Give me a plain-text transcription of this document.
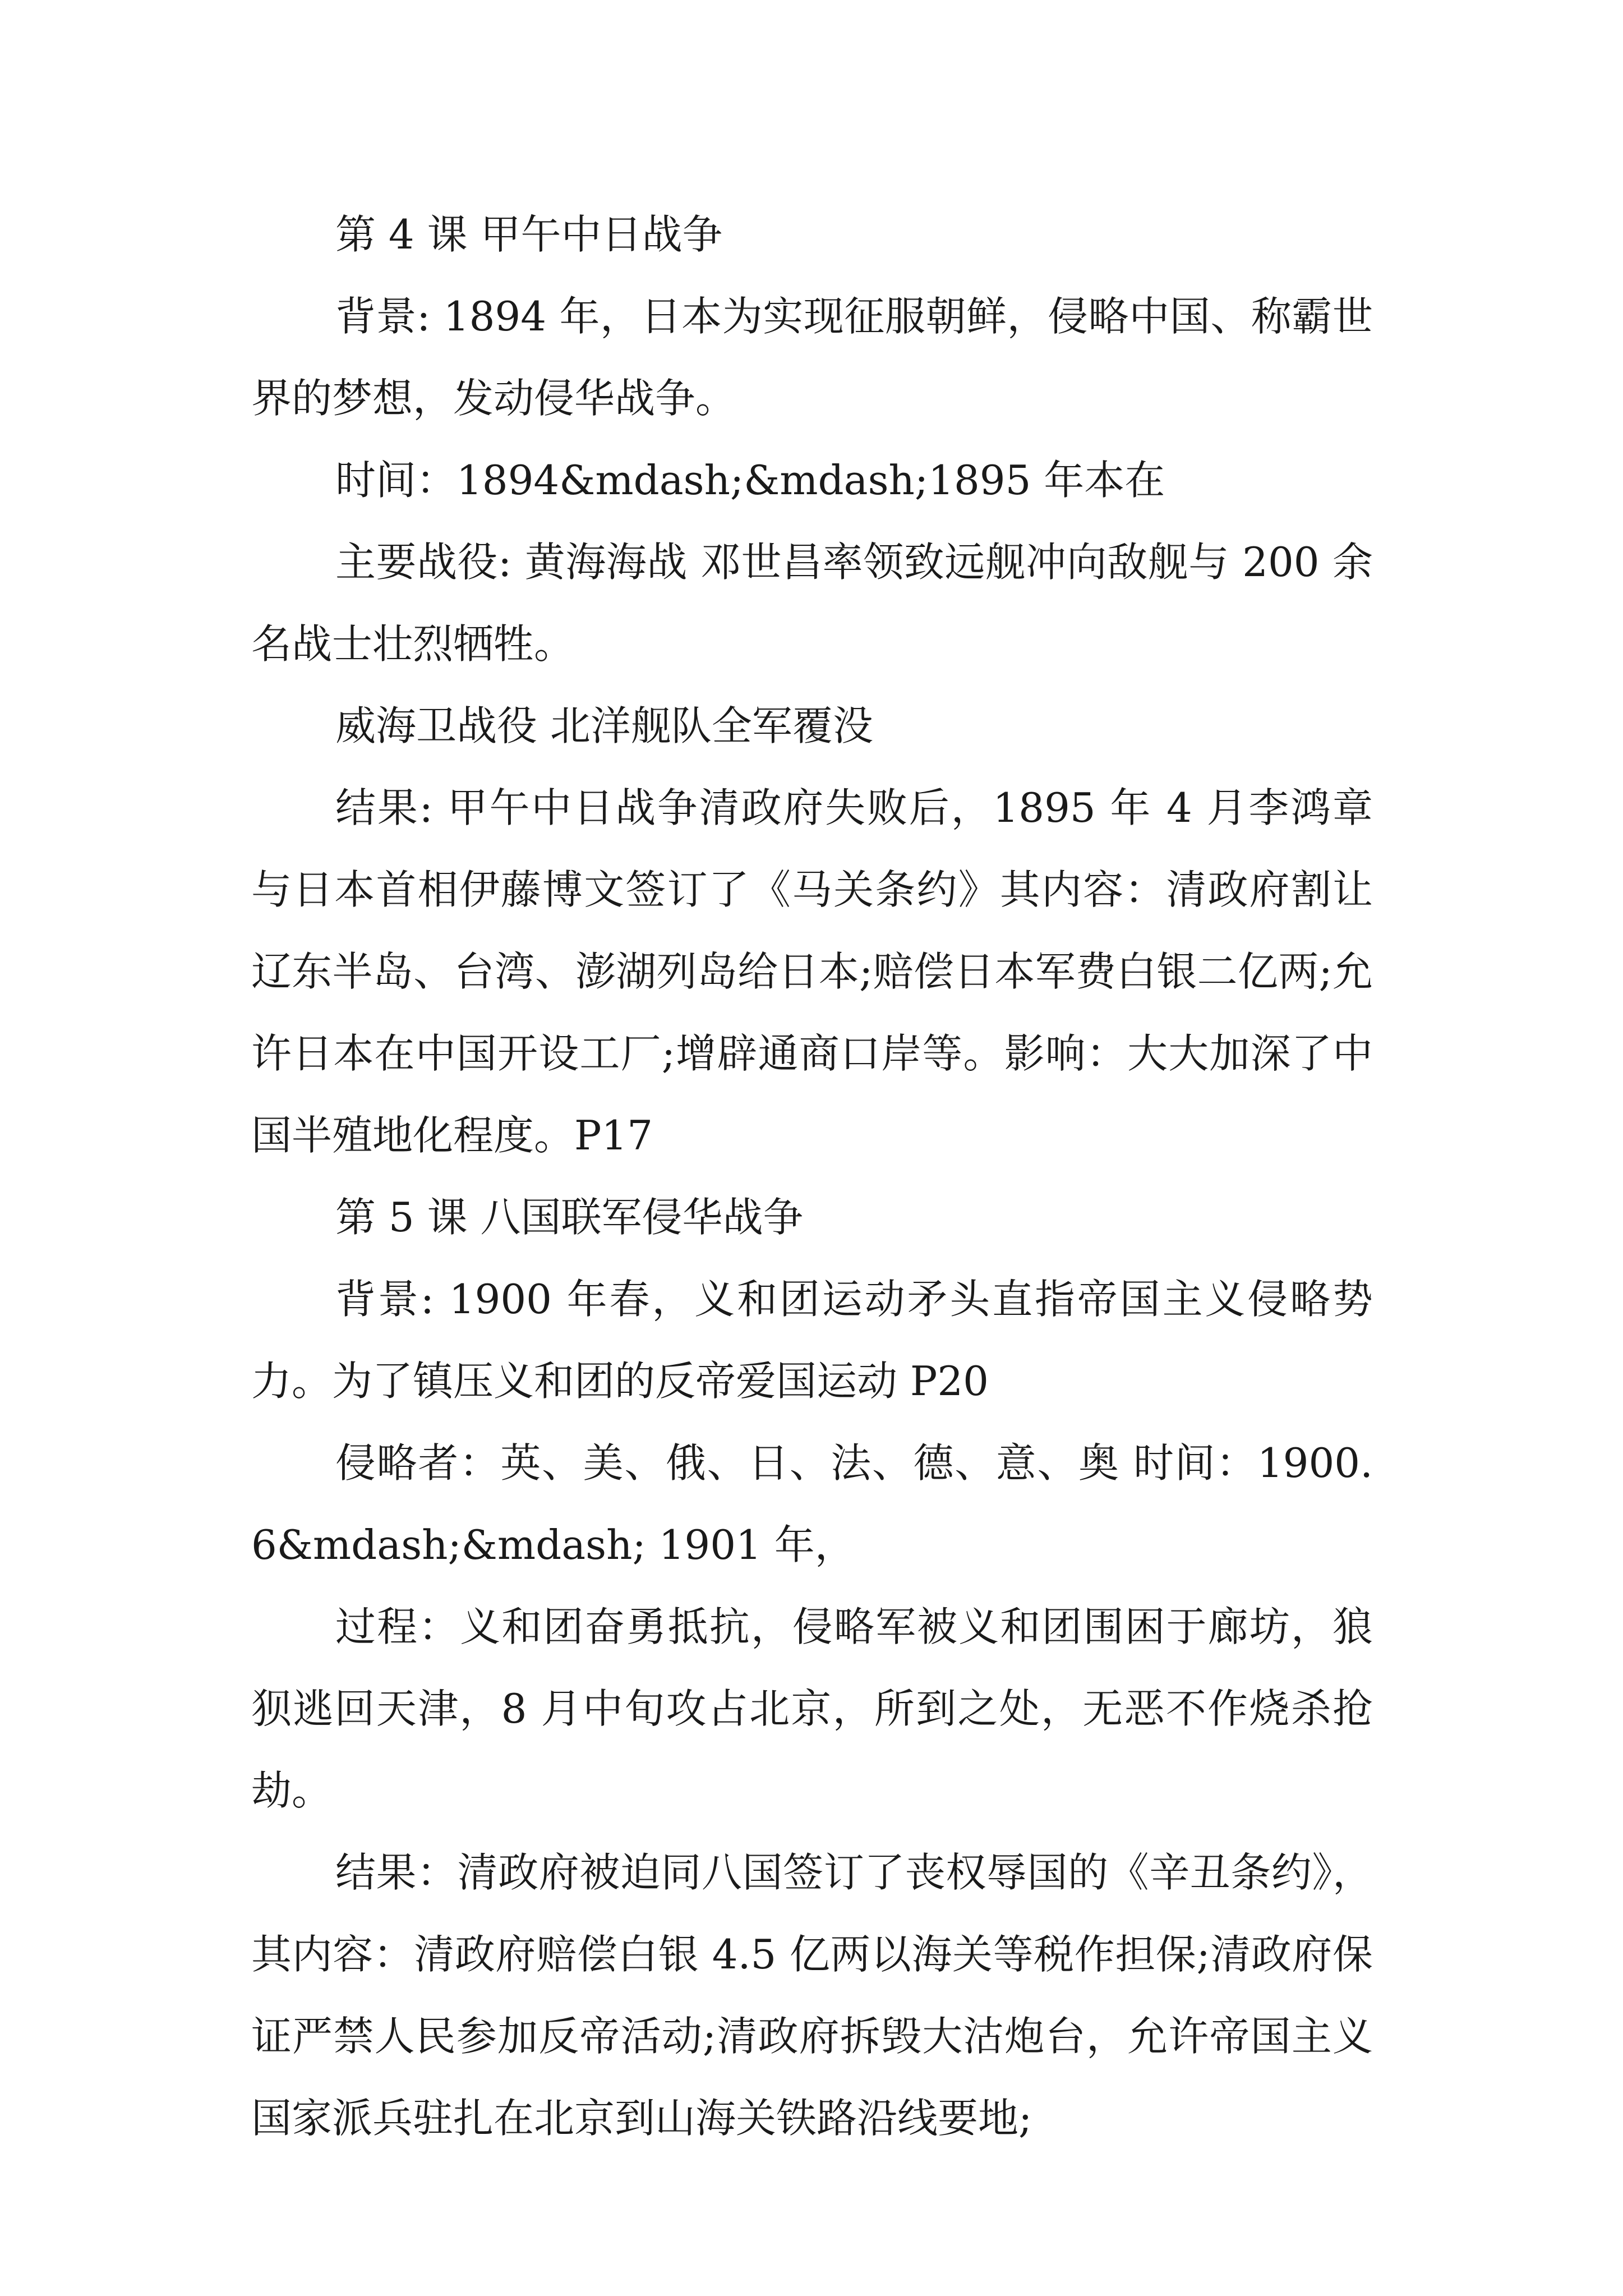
第 4 课 甲午中日战争

背景: 1894 年，日本为实现征服朝鲜，侵略中国、称霸世界的梦想，发动侵华战争。

时间：1894&mdash;&mdash;1895 年本在

主要战役: 黄海海战 邓世昌率领致远舰冲向敌舰与 200 余名战士壮烈牺牲。

威海卫战役 北洋舰队全军覆没

结果: 甲午中日战争清政府失败后，1895 年 4 月李鸿章与日本首相伊藤博文签订了《马关条约》其内容：清政府割让辽东半岛、台湾、澎湖列岛给日本;赔偿日本军费白银二亿两;允许日本在中国开设工厂;增辟通商口岸等。影响：大大加深了中国半殖地化程度。P17

第 5 课 八国联军侵华战争

背景: 1900 年春，义和团运动矛头直指帝国主义侵略势力。为了镇压义和团的反帝爱国运动 P20

侵略者：英、美、俄、日、法、德、意、奥 时间：1900.6&mdash;&mdash; 1901 年，

过程：义和团奋勇抵抗，侵略军被义和团围困于廊坊，狼狈逃回天津，8 月中旬攻占北京，所到之处，无恶不作烧杀抢劫。

结果：清政府被迫同八国签订了丧权辱国的《辛丑条约》，其内容：清政府赔偿白银 4.5 亿两以海关等税作担保;清政府保证严禁人民参加反帝活动;清政府拆毁大沽炮台，允许帝国主义国家派兵驻扎在北京到山海关铁路沿线要地;
